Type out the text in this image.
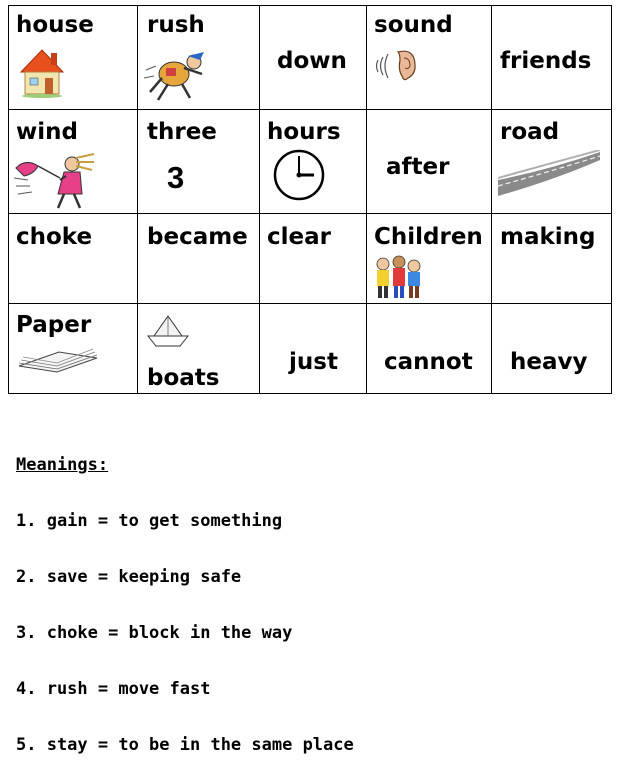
house rush
down
sound
friends
wind	three
3
hours
after
road
choke became clear Children making
Paper
boats
just cannot heavy
Meanings:
1. gain = to get something
2. save = keeping safe
3. choke = block in the way
4. rush = move fast
5. stay = to be in the same place
